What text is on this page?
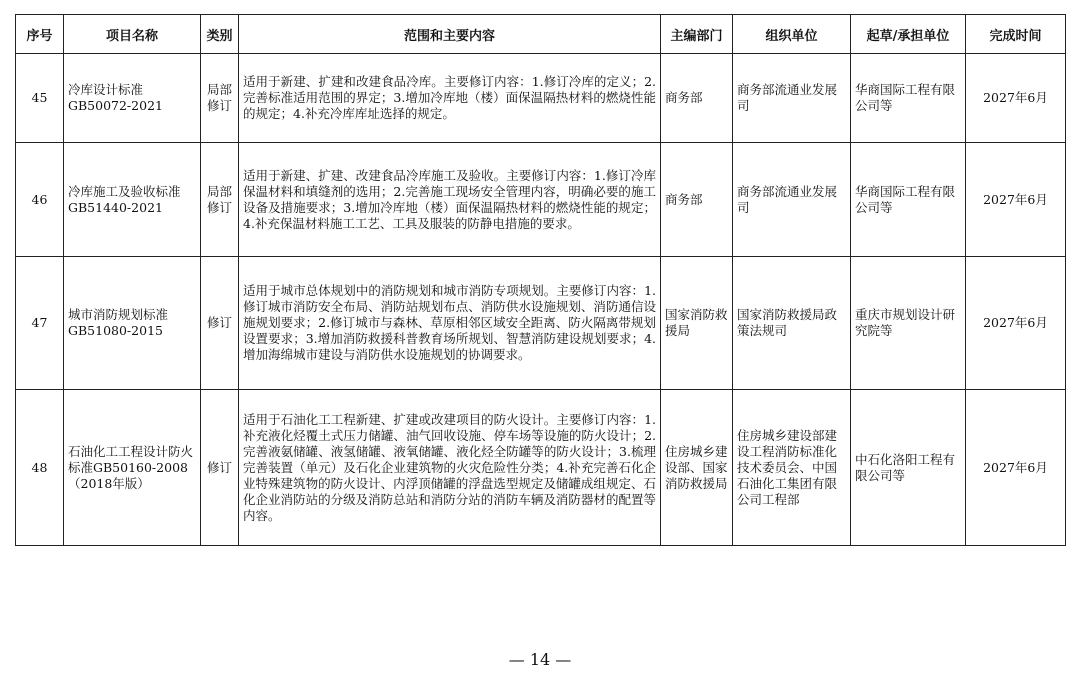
序号	项目名称	类别	范围和主要内容	主编部门	组织单位	起草/承担单位	完成时间
45	冷库设计标准GB50072-2021	局部修订	适用于新建、扩建和改建食品冷库。主要修订内容：1.修订冷库的定义；2.完善标准适用范围的界定；3.增加冷库地（楼）面保温隔热材料的燃烧性能的规定；4.补充冷库库址选择的规定。	商务部	商务部流通业发展司	华商国际工程有限公司等	2027年6月
46	冷库施工及验收标准GB51440-2021	局部修订	适用于新建、扩建、改建食品冷库施工及验收。主要修订内容：1.修订冷库保温材料和填缝剂的选用；2.完善施工现场安全管理内容，明确必要的施工设备及措施要求；3.增加冷库地（楼）面保温隔热材料的燃烧性能的规定；4.补充保温材料施工工艺、工具及服装的防静电措施的要求。	商务部	商务部流通业发展司	华商国际工程有限公司等	2027年6月
47	城市消防规划标准GB51080-2015	修订	适用于城市总体规划中的消防规划和城市消防专项规划。主要修订内容：1.修订城市消防安全布局、消防站规划布点、消防供水设施规划、消防通信设施规划要求；2.修订城市与森林、草原相邻区域安全距离、防火隔离带规划设置要求；3.增加消防救援科普教育场所规划、智慧消防建设规划要求；4.增加海绵城市建设与消防供水设施规划的协调要求。	国家消防救援局	国家消防救援局政策法规司	重庆市规划设计研究院等	2027年6月
48	石油化工工程设计防火标准GB50160-2008（2018年版）	修订	适用于石油化工工程新建、扩建或改建项目的防火设计。主要修订内容：1.补充液化烃覆土式压力储罐、油气回收设施、停车场等设施的防火设计；2.完善液氨储罐、液氢储罐、液氧储罐、液化烃全防罐等的防火设计；3.梳理完善装置（单元）及石化企业建筑物的火灾危险性分类；4.补充完善石化企业特殊建筑物的防火设计、内浮顶储罐的浮盘选型规定及储罐成组规定、石化企业消防站的分级及消防总站和消防分站的消防车辆及消防器材的配置等内容。	住房城乡建设部、国家消防救援局	住房城乡建设部建设工程消防标准化技术委员会、中国石油化工集团有限公司工程部	中石化洛阳工程有限公司等	2027年6月
— 14 —
